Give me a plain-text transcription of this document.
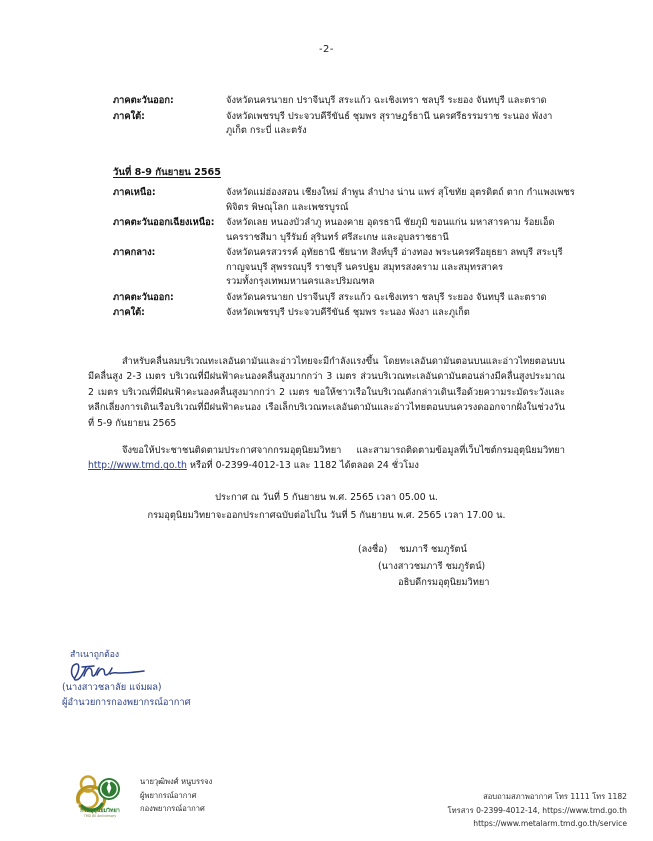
-2-
ภาคตะวันออก:	จังหวัดนครนายก ปราจีนบุรี สระแก้ว ฉะเชิงเทรา ชลบุรี ระยอง จันทบุรี และตราด
ภาคใต้:	จังหวัดเพชรบุรี ประจวบคีรีขันธ์ ชุมพร สุราษฎร์ธานี นครศรีธรรมราช ระนอง พังงา
ภูเก็ต กระบี่ และตรัง
วันที่ 8-9 กันยายน 2565
ภาคเหนือ:	จังหวัดแม่ฮ่องสอน เชียงใหม่ ลำพูน ลำปาง น่าน แพร่ สุโขทัย อุตรดิตถ์ ตาก กำแพงเพชร
พิจิตร พิษณุโลก และเพชรบูรณ์
ภาคตะวันออกเฉียงเหนือ:	จังหวัดเลย หนองบัวลำภู หนองคาย อุดรธานี ชัยภูมิ ขอนแก่น มหาสารคาม ร้อยเอ็ด
นครราชสีมา บุรีรัมย์ สุรินทร์ ศรีสะเกษ และอุบลราชธานี
ภาคกลาง:	จังหวัดนครสวรรค์ อุทัยธานี ชัยนาท สิงห์บุรี อ่างทอง พระนครศรีอยุธยา ลพบุรี สระบุรี
กาญจนบุรี สุพรรณบุรี ราชบุรี นครปฐม สมุทรสงคราม และสมุทรสาคร
รวมทั้งกรุงเทพมหานครและปริมณฑล
ภาคตะวันออก:	จังหวัดนครนายก ปราจีนบุรี สระแก้ว ฉะเชิงเทรา ชลบุรี ระยอง จันทบุรี และตราด
ภาคใต้:	จังหวัดเพชรบุรี ประจวบคีรีขันธ์ ชุมพร ระนอง พังงา และภูเก็ต
สำหรับคลื่นลมบริเวณทะเลอันดามันและอ่าวไทยจะมีกำลังแรงขึ้น โดยทะเลอันดามันตอนบนและอ่าวไทยตอนบนมีคลื่นสูง 2-3 เมตร บริเวณที่มีฝนฟ้าคะนองคลื่นสูงมากกว่า 3 เมตร ส่วนบริเวณทะเลอันดามันตอนล่างมีคลื่นสูงประมาณ 2 เมตร บริเวณที่มีฝนฟ้าคะนองคลื่นสูงมากกว่า 2 เมตร ขอให้ชาวเรือในบริเวณดังกล่าวเดินเรือด้วยความระมัดระวังและหลีกเลี่ยงการเดินเรือบริเวณที่มีฝนฟ้าคะนอง เรือเล็กบริเวณทะเลอันดามันและอ่าวไทยตอนบนควรงดออกจากฝั่งในช่วงวันที่ 5-9 กันยายน 2565
จึงขอให้ประชาชนติดตามประกาศจากกรมอุตุนิยมวิทยา และสามารถติดตามข้อมูลที่เว็บไซต์กรมอุตุนิยมวิทยา http://www.tmd.go.th หรือที่ 0-2399-4012-13 และ 1182 ได้ตลอด 24 ชั่วโมง
ประกาศ ณ วันที่ 5 กันยายน พ.ศ. 2565 เวลา 05.00 น.
กรมอุตุนิยมวิทยาจะออกประกาศฉบับต่อไปใน วันที่ 5 กันยายน พ.ศ. 2565 เวลา 17.00 น.
(ลงชื่อ) ชมภารี ชมภูรัตน์
(นางสาวชมภารี ชมภูรัตน์)
อธิบดีกรมอุตุนิยมวิทยา
สำเนาถูกต้อง
(นางสาวชลาลัย แจ่มผล)
ผู้อำนวยการกองพยากรณ์อากาศ
กรมอุตุนิยมวิทยา
TMD 80 Anniversary
นายวุฒิพงศ์ หนูบรรจง
ผู้พยากรณ์อากาศ
กองพยากรณ์อากาศ
สอบถามสภาพอากาศ โทร 1111 โทร 1182
โทรสาร 0-2399-4012-14, https://www.tmd.go.th
https://www.metalarm.tmd.go.th/service
